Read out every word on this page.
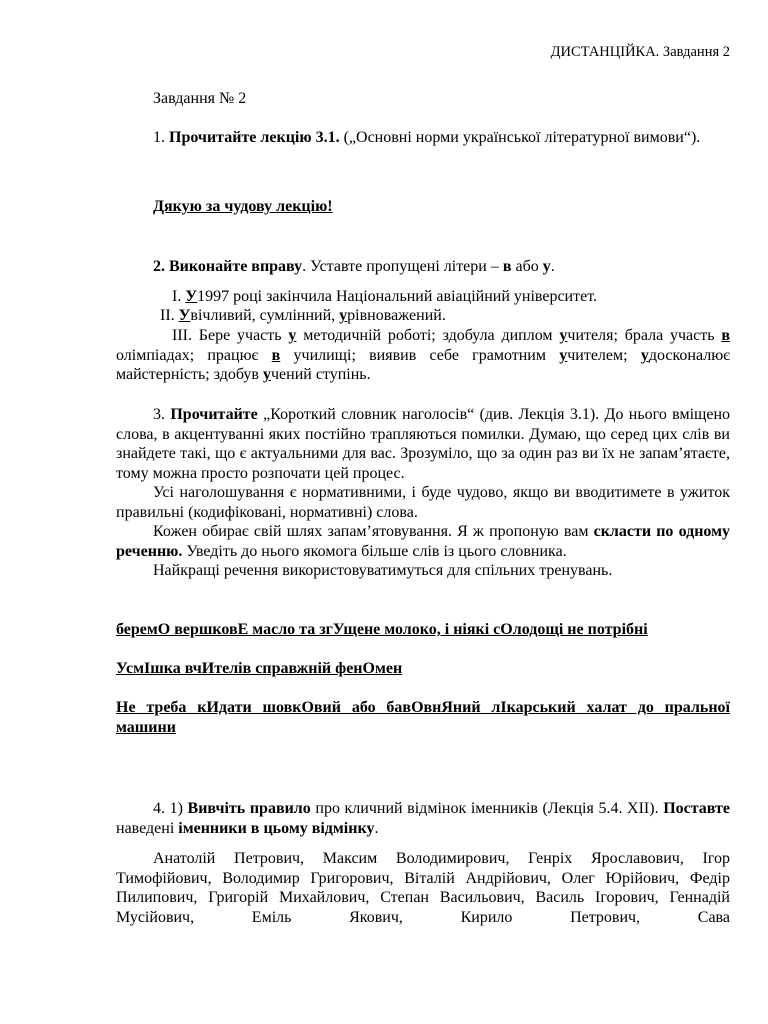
ДИСТАНЦІЙКА. Завдання 2

Завдання № 2

1. Прочитайте лекцію 3.1. („Основні норми української літературної вимови“).

Дякую за чудову лекцію!

2. Виконайте вправу. Уставте пропущені літери – в або у.

I. У1997 році закінчила Національний авіаційний університет.

II. Увічливий, сумлінний, урівноважений.

III. Бере участь у методичній роботі; здобула диплом учителя; брала участь в олімпіадах; працює в училищі; виявив себе грамотним учителем; удосконалює майстерність; здобув учений ступінь.

3. Прочитайте „Короткий словник наголосів“ (див. Лекція 3.1). До нього вміщено слова, в акцентуванні яких постійно трапляються помилки. Думаю, що серед цих слів ви знайдете такі, що є актуальними для вас. Зрозуміло, що за один раз ви їх не запам’ятаєте, тому можна просто розпочати цей процес.

Усі наголошування є нормативними, і буде чудово, якщо ви вводитимете в ужиток правильні (кодифіковані, нормативні) слова.

Кожен обирає свій шлях запам’ятовування. Я ж пропоную вам скласти по одному реченню. Уведіть до нього якомога більше слів із цього словника.

Найкращі речення використовуватимуться для спільних тренувань.

беремО вершковЕ масло та згУщене молоко, і ніякі сОлодощі не потрібні

УсмІшка вчИтелів справжній фенОмен

Не треба кИдати шовкОвий або бавОвнЯний лІкарський халат до пральної машини

4. 1) Вивчіть правило про кличний відмінок іменників (Лекція 5.4. XII). Поставте наведені іменники в цьому відмінку.

Анатолій Петрович, Максим Володимирович, Генріх Ярославович, Ігор Тимофійович, Володимир Григорович, Віталій Андрійович, Олег Юрійович, Федір Пилипович, Григорій Михайлович, Степан Васильович, Василь Ігорович, Геннадій Мусійович, Еміль Якович, Кирило Петрович, Сава
